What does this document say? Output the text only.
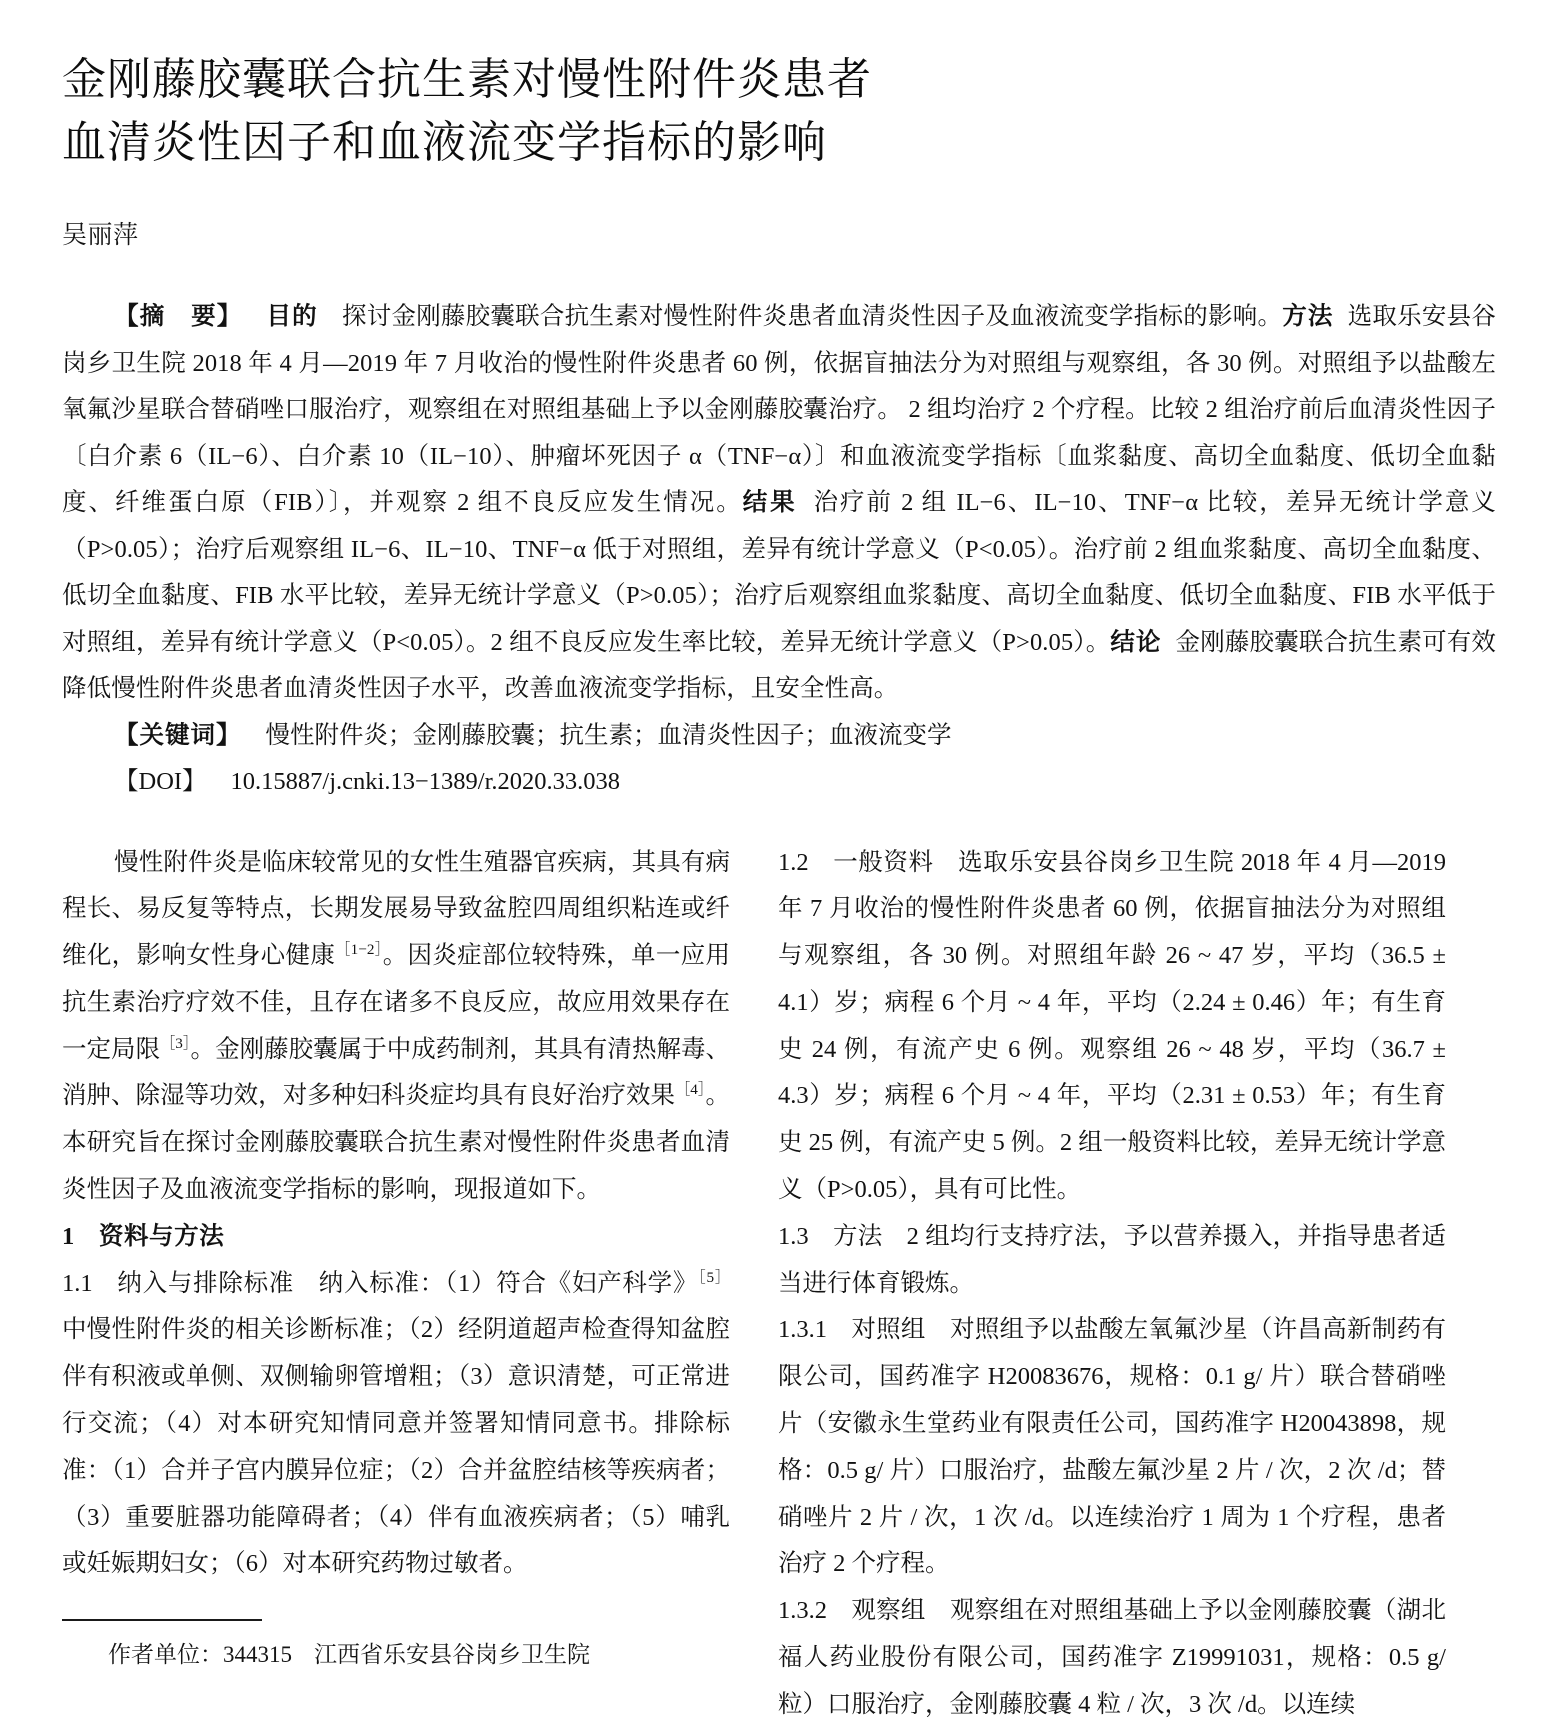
金刚藤胶囊联合抗生素对慢性附件炎患者
血清炎性因子和血液流变学指标的影响
吴丽萍

【摘　要】 目的 探讨金刚藤胶囊联合抗生素对慢性附件炎患者血清炎性因子及血液流变学指标的影响。方法 选取乐安县谷岗乡卫生院 2018 年 4 月—2019 年 7 月收治的慢性附件炎患者 60 例，依据盲抽法分为对照组与观察组，各 30 例。对照组予以盐酸左氧氟沙星联合替硝唑口服治疗，观察组在对照组基础上予以金刚藤胶囊治疗。 2 组均治疗 2 个疗程。比较 2 组治疗前后血清炎性因子〔白介素 6（IL−6）、白介素 10（IL−10）、肿瘤坏死因子 α（TNF−α）〕和血液流变学指标〔血浆黏度、高切全血黏度、低切全血黏度、纤维蛋白原（FIB）〕，并观察 2 组不良反应发生情况。结果 治疗前 2 组 IL−6、IL−10、TNF−α 比较，差异无统计学意义（P>0.05）；治疗后观察组 IL−6、IL−10、TNF−α 低于对照组，差异有统计学意义（P<0.05）。治疗前 2 组血浆黏度、高切全血黏度、低切全血黏度、FIB 水平比较，差异无统计学意义（P>0.05）；治疗后观察组血浆黏度、高切全血黏度、低切全血黏度、FIB 水平低于对照组，差异有统计学意义（P<0.05）。2 组不良反应发生率比较，差异无统计学意义（P>0.05）。结论 金刚藤胶囊联合抗生素可有效降低慢性附件炎患者血清炎性因子水平，改善血液流变学指标，且安全性高。

【关键词】 慢性附件炎；金刚藤胶囊；抗生素；血清炎性因子；血液流变学
【DOI】 10.15887/j.cnki.13−1389/r.2020.33.038

慢性附件炎是临床较常见的女性生殖器官疾病，其具有病程长、易反复等特点，长期发展易导致盆腔四周组织粘连或纤维化，影响女性身心健康$^{[1-2]}$。因炎症部位较特殊，单一应用抗生素治疗疗效不佳，且存在诸多不良反应，故应用效果存在一定局限$^{[3]}$。金刚藤胶囊属于中成药制剂，其具有清热解毒、消肿、除湿等功效，对多种妇科炎症均具有良好治疗效果$^{[4]}$。本研究旨在探讨金刚藤胶囊联合抗生素对慢性附件炎患者血清炎性因子及血液流变学指标的影响，现报道如下。

1 资料与方法

1.1 纳入与排除标准 纳入标准：（1）符合《妇产科学》$^{[5]}$中慢性附件炎的相关诊断标准；（2）经阴道超声检查得知盆腔伴有积液或单侧、双侧输卵管增粗；（3）意识清楚，可正常进行交流；（4）对本研究知情同意并签署知情同意书。排除标准：（1）合并子宫内膜异位症；（2）合并盆腔结核等疾病者；（3）重要脏器功能障碍者；（4）伴有血液疾病者；（5）哺乳或妊娠期妇女；（6）对本研究药物过敏者。

1.2 一般资料 选取乐安县谷岗乡卫生院 2018 年 4 月—2019 年 7 月收治的慢性附件炎患者 60 例，依据盲抽法分为对照组与观察组，各 30 例。对照组年龄 26 ~ 47 岁，平均（36.5 ± 4.1）岁；病程 6 个月 ~ 4 年，平均（2.24 ± 0.46）年；有生育史 24 例，有流产史 6 例。观察组 26 ~ 48 岁，平均（36.7 ± 4.3）岁；病程 6 个月 ~ 4 年，平均（2.31 ± 0.53）年；有生育史 25 例，有流产史 5 例。2 组一般资料比较，差异无统计学意义（P>0.05），具有可比性。

1.3 方法 2 组均行支持疗法，予以营养摄入，并指导患者适当进行体育锻炼。

1.3.1 对照组 对照组予以盐酸左氧氟沙星（许昌高新制药有限公司，国药准字 H20083676，规格：0.1 g/ 片）联合替硝唑片（安徽永生堂药业有限责任公司，国药准字 H20043898，规格：0.5 g/ 片）口服治疗，盐酸左氟沙星 2 片 / 次，2 次 /d；替硝唑片 2 片 / 次，1 次 /d。以连续治疗 1 周为 1 个疗程，患者治疗 2 个疗程。

1.3.2 观察组 观察组在对照组基础上予以金刚藤胶囊（湖北福人药业股份有限公司，国药准字 Z19991031，规格：0.5 g/ 粒）口服治疗，金刚藤胶囊 4 粒 / 次，3 次 /d。以连续

作者单位：344315 江西省乐安县谷岗乡卫生院
